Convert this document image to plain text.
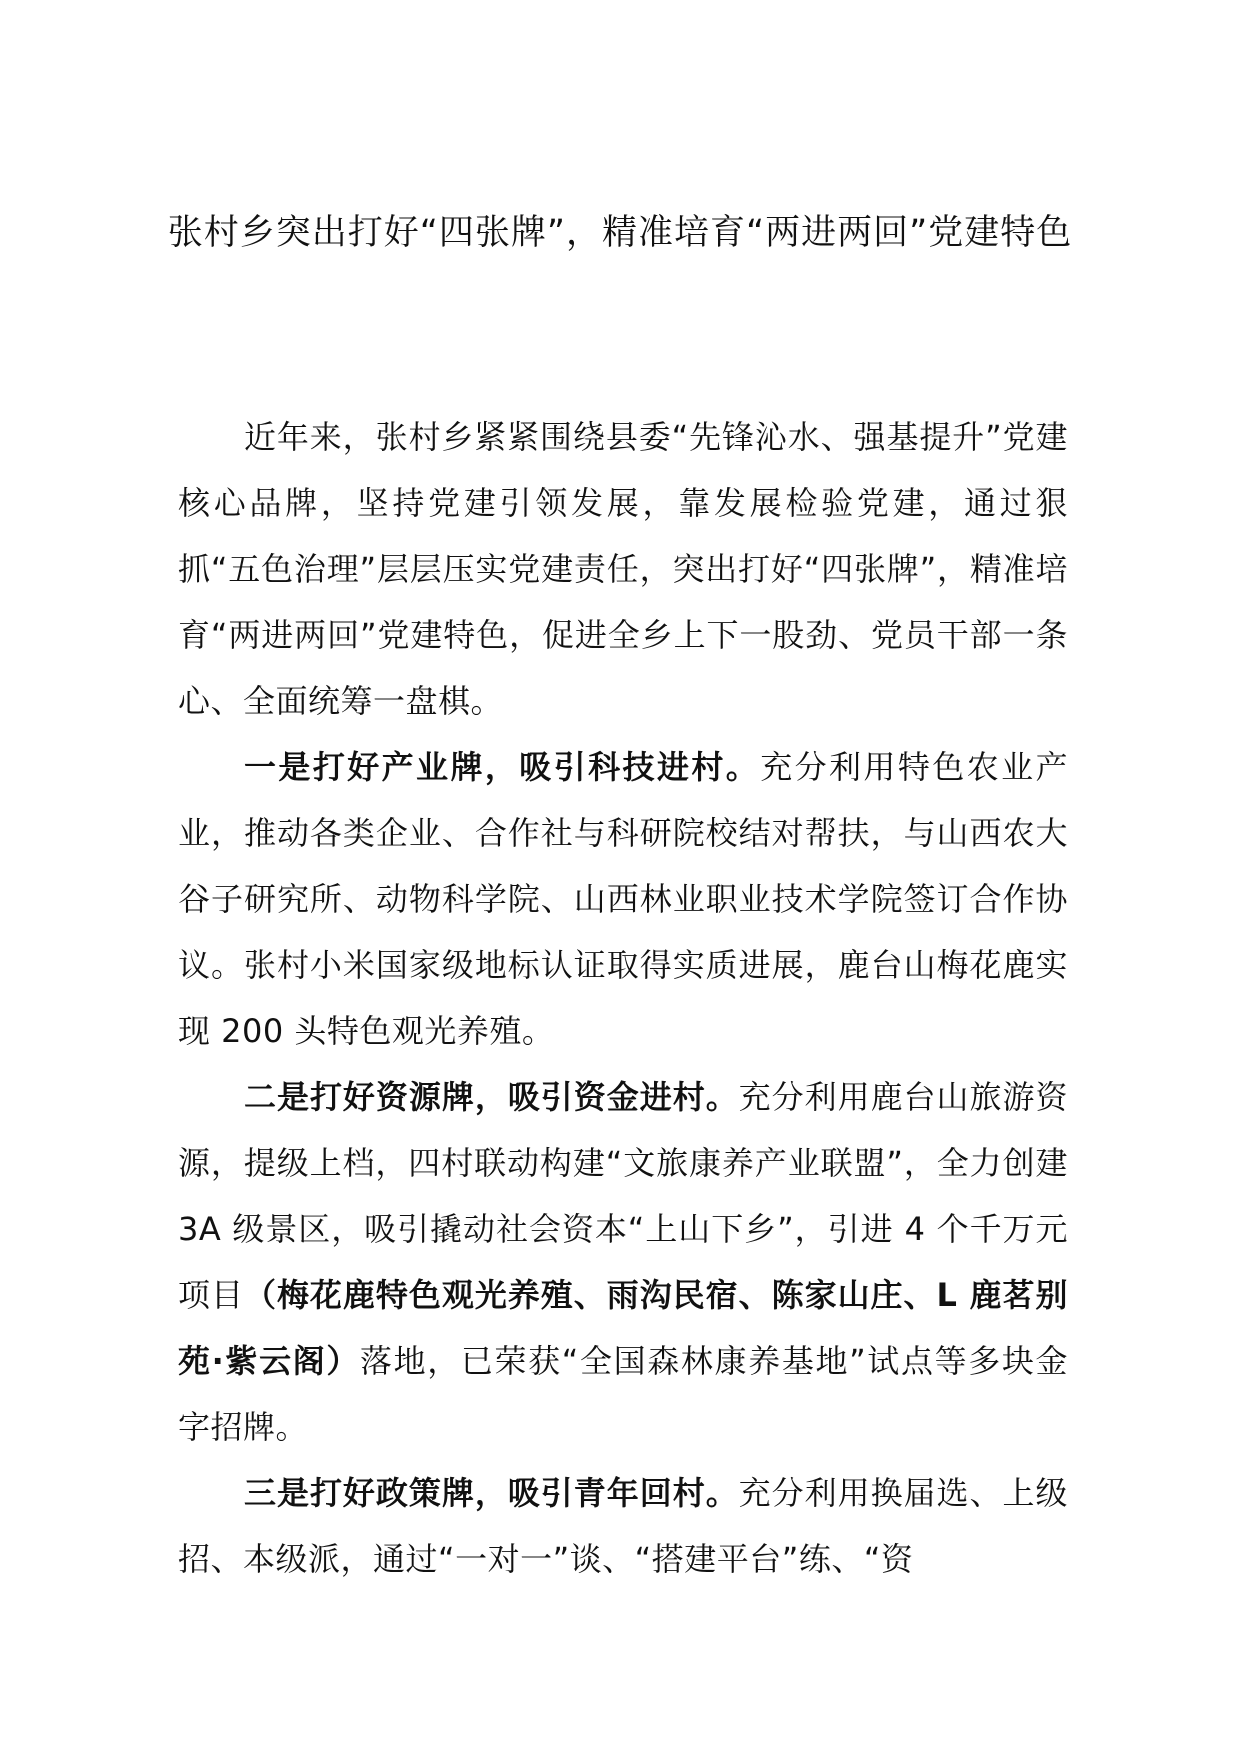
张村乡突出打好“四张牌”，精准培育“两进两回”党建特色

近年来，张村乡紧紧围绕县委“先锋沁水、强基提升”党建核心品牌，坚持党建引领发展，靠发展检验党建，通过狠抓“五色治理”层层压实党建责任，突出打好“四张牌”，精准培育“两进两回”党建特色，促进全乡上下一股劲、党员干部一条心、全面统筹一盘棋。

一是打好产业牌，吸引科技进村。充分利用特色农业产业，推动各类企业、合作社与科研院校结对帮扶，与山西农大谷子研究所、动物科学院、山西林业职业技术学院签订合作协议。张村小米国家级地标认证取得实质进展，鹿台山梅花鹿实现 200 头特色观光养殖。

二是打好资源牌，吸引资金进村。充分利用鹿台山旅游资源，提级上档，四村联动构建“文旅康养产业联盟”，全力创建 3A 级景区，吸引撬动社会资本“上山下乡”，引进 4 个千万元项目（梅花鹿特色观光养殖、雨沟民宿、陈家山庄、L 鹿茗别苑·紫云阁）落地，已荣获“全国森林康养基地”试点等多块金字招牌。

三是打好政策牌，吸引青年回村。充分利用换届选、上级招、本级派，通过“一对一”谈、“搭建平台”练、“资
